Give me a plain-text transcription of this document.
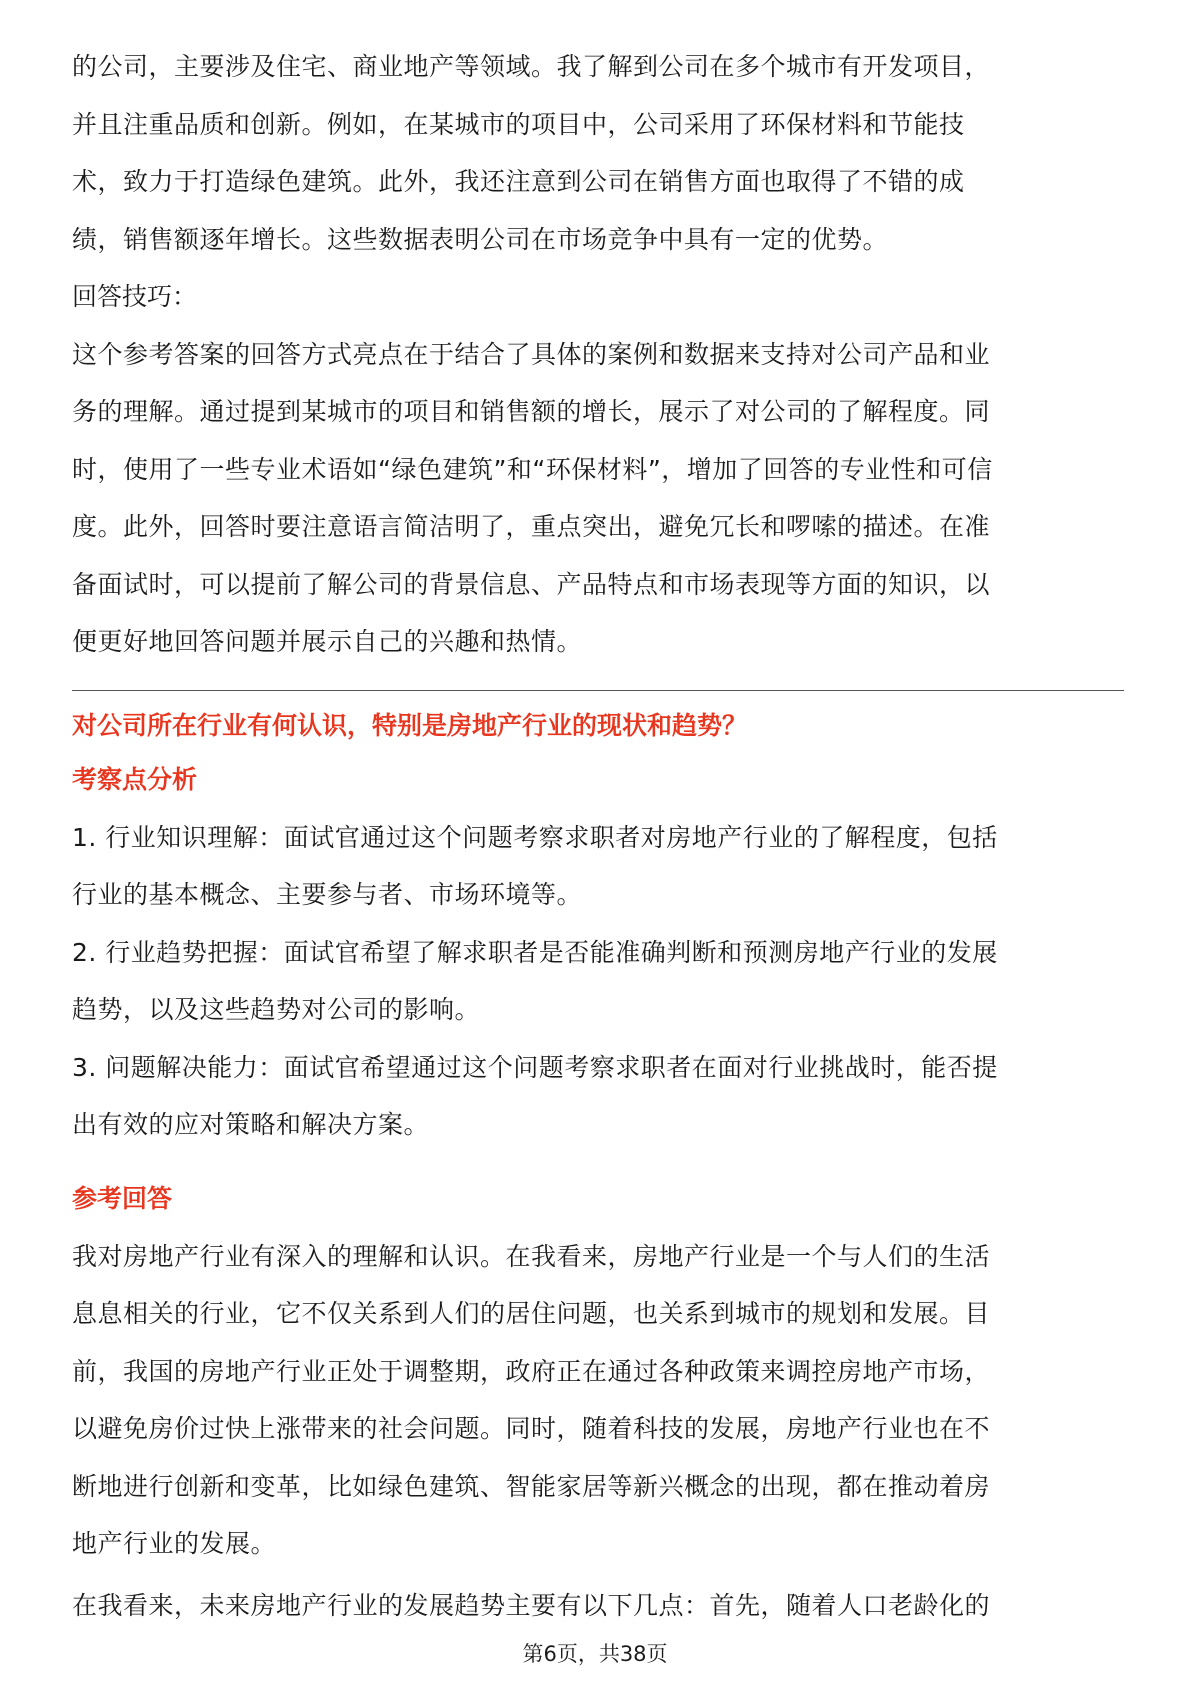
的公司，主要涉及住宅、商业地产等领域。我了解到公司在多个城市有开发项目，
并且注重品质和创新。例如，在某城市的项目中，公司采用了环保材料和节能技
术，致力于打造绿色建筑。此外，我还注意到公司在销售方面也取得了不错的成
绩，销售额逐年增长。这些数据表明公司在市场竞争中具有一定的优势。
回答技巧：
这个参考答案的回答方式亮点在于结合了具体的案例和数据来支持对公司产品和业
务的理解。通过提到某城市的项目和销售额的增长，展示了对公司的了解程度。同
时，使用了一些专业术语如“绿色建筑”和“环保材料”，增加了回答的专业性和可信
度。此外，回答时要注意语言简洁明了，重点突出，避免冗长和啰嗦的描述。在准
备面试时，可以提前了解公司的背景信息、产品特点和市场表现等方面的知识，以
便更好地回答问题并展示自己的兴趣和热情。
对公司所在行业有何认识，特别是房地产行业的现状和趋势？
考察点分析
1. 行业知识理解：面试官通过这个问题考察求职者对房地产行业的了解程度，包括
行业的基本概念、主要参与者、市场环境等。
2. 行业趋势把握：面试官希望了解求职者是否能准确判断和预测房地产行业的发展
趋势，以及这些趋势对公司的影响。
3. 问题解决能力：面试官希望通过这个问题考察求职者在面对行业挑战时，能否提
出有效的应对策略和解决方案。
参考回答
我对房地产行业有深入的理解和认识。在我看来，房地产行业是一个与人们的生活
息息相关的行业，它不仅关系到人们的居住问题，也关系到城市的规划和发展。目
前，我国的房地产行业正处于调整期，政府正在通过各种政策来调控房地产市场，
以避免房价过快上涨带来的社会问题。同时，随着科技的发展，房地产行业也在不
断地进行创新和变革，比如绿色建筑、智能家居等新兴概念的出现，都在推动着房
地产行业的发展。
在我看来，未来房地产行业的发展趋势主要有以下几点：首先，随着人口老龄化的
第6页，共38页
